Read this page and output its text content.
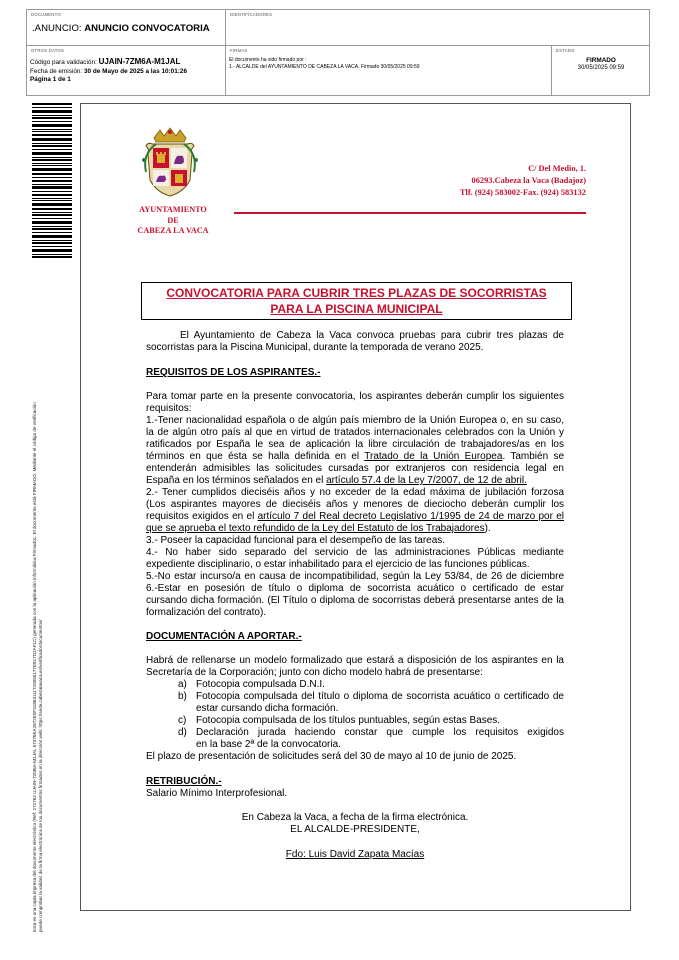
DOCUMENTO
.ANUNCIO: ANUNCIO CONVOCATORIA
IDENTIFICADORES
OTROS DATOS
Código para validación: UJAIN-7ZM6A-M1JAL
Fecha de emisión: 30 de Mayo de 2025 a las 10:01:26
Página 1 de 1
FIRMAS
El documento ha sido firmado por :
1.- ALCALDE del AYUNTAMIENTO DE CABEZA LA VACA. Firmado 30/05/2025 09:59
ESTADO
FIRMADO
30/05/2025 09:59
Esta es una copia impresa del documento electrónico (Ref: 272762 UJAIN-7ZM6A-M1JAL 57476EA2872E0F31863111720055177E817D2AF1C) generada con la aplicación informática Firmadoc. El documento está FIRMADO. Mediante el código de verificación puede comprobar la validez de la firma electrónica de los documentos firmados en la dirección web: https://sede.cabezalavaca.es/verificadordocumentos/
AYUNTAMIENTO
DE
CABEZA LA VACA
C/ Del Medio, 1.
06293.Cabeza la Vaca (Badajoz)
Tlf. (924) 583002-Fax. (924) 583132
CONVOCATORIA PARA CUBRIR TRES PLAZAS DE SOCORRISTAS
PARA LA PISCINA MUNICIPAL
El Ayuntamiento de Cabeza la Vaca convoca pruebas para cubrir tres plazas de
socorristas para la Piscina Municipal, durante la temporada de verano 2025.
REQUISITOS DE LOS ASPIRANTES.-
Para tomar parte en la presente convocatoria, los aspirantes deberán cumplir los siguientes
requisitos:
1.-Tener nacionalidad española o de algún país miembro de la Unión Europea o, en su caso,
la de algún otro país al que en virtud de tratados internacionales celebrados con la Unión y
ratificados por España le sea de aplicación la libre circulación de trabajadores/as en los
términos en que ésta se halla definida en el Tratado de la Unión Europea. También se
entenderán admisibles las solicitudes cursadas por extranjeros con residencia legal en
España en los términos señalados en el artículo 57.4 de la Ley 7/2007, de 12 de abril.
2.- Tener cumplidos dieciséis años y no exceder de la edad máxima de jubilación forzosa
(Los aspirantes mayores de dieciséis años y menores de dieciocho deberán cumplir los
requisitos exigidos en el artículo 7 del Real decreto Legislativo 1/1995 de 24 de marzo por el
que se aprueba el texto refundido de la Ley del Estatuto de los Trabajadores).
3.- Poseer la capacidad funcional para el desempeño de las tareas.
4.- No haber sido separado del servicio de las administraciones Públicas mediante
expediente disciplinario, o estar inhabilitado para el ejercicio de las funciones públicas.
5.-No estar incurso/a en causa de incompatibilidad, según la Ley 53/84, de 26 de diciembre
6.-Estar en posesión de título o diploma de socorrista acuático o certificado de estar
cursando dicha formación. (El Título o diploma de socorristas deberá presentarse antes de la
formalización del contrato).
DOCUMENTACIÓN A APORTAR.-
Habrá de rellenarse un modelo formalizado que estará a disposición de los aspirantes en la
Secretaría de la Corporación; junto con dicho modelo habrá de presentarse:
a) Fotocopia compulsada D.N.I.
b) Fotocopia compulsada del título o diploma de socorrista acuático o certificado de
estar cursando dicha formación.
c) Fotocopia compulsada de los títulos puntuables, según estas Bases.
d) Declaración jurada haciendo constar que cumple los requisitos exigidos
en la base 2ª de la convocatoria.
El plazo de presentación de solicitudes será del 30 de mayo al 10 de junio de 2025.
RETRIBUCIÓN.-
Salario Mínimo Interprofesional.
En Cabeza la Vaca, a fecha de la firma electrónica.
EL ALCALDE-PRESIDENTE,
Fdo: Luis David Zapata Macías
